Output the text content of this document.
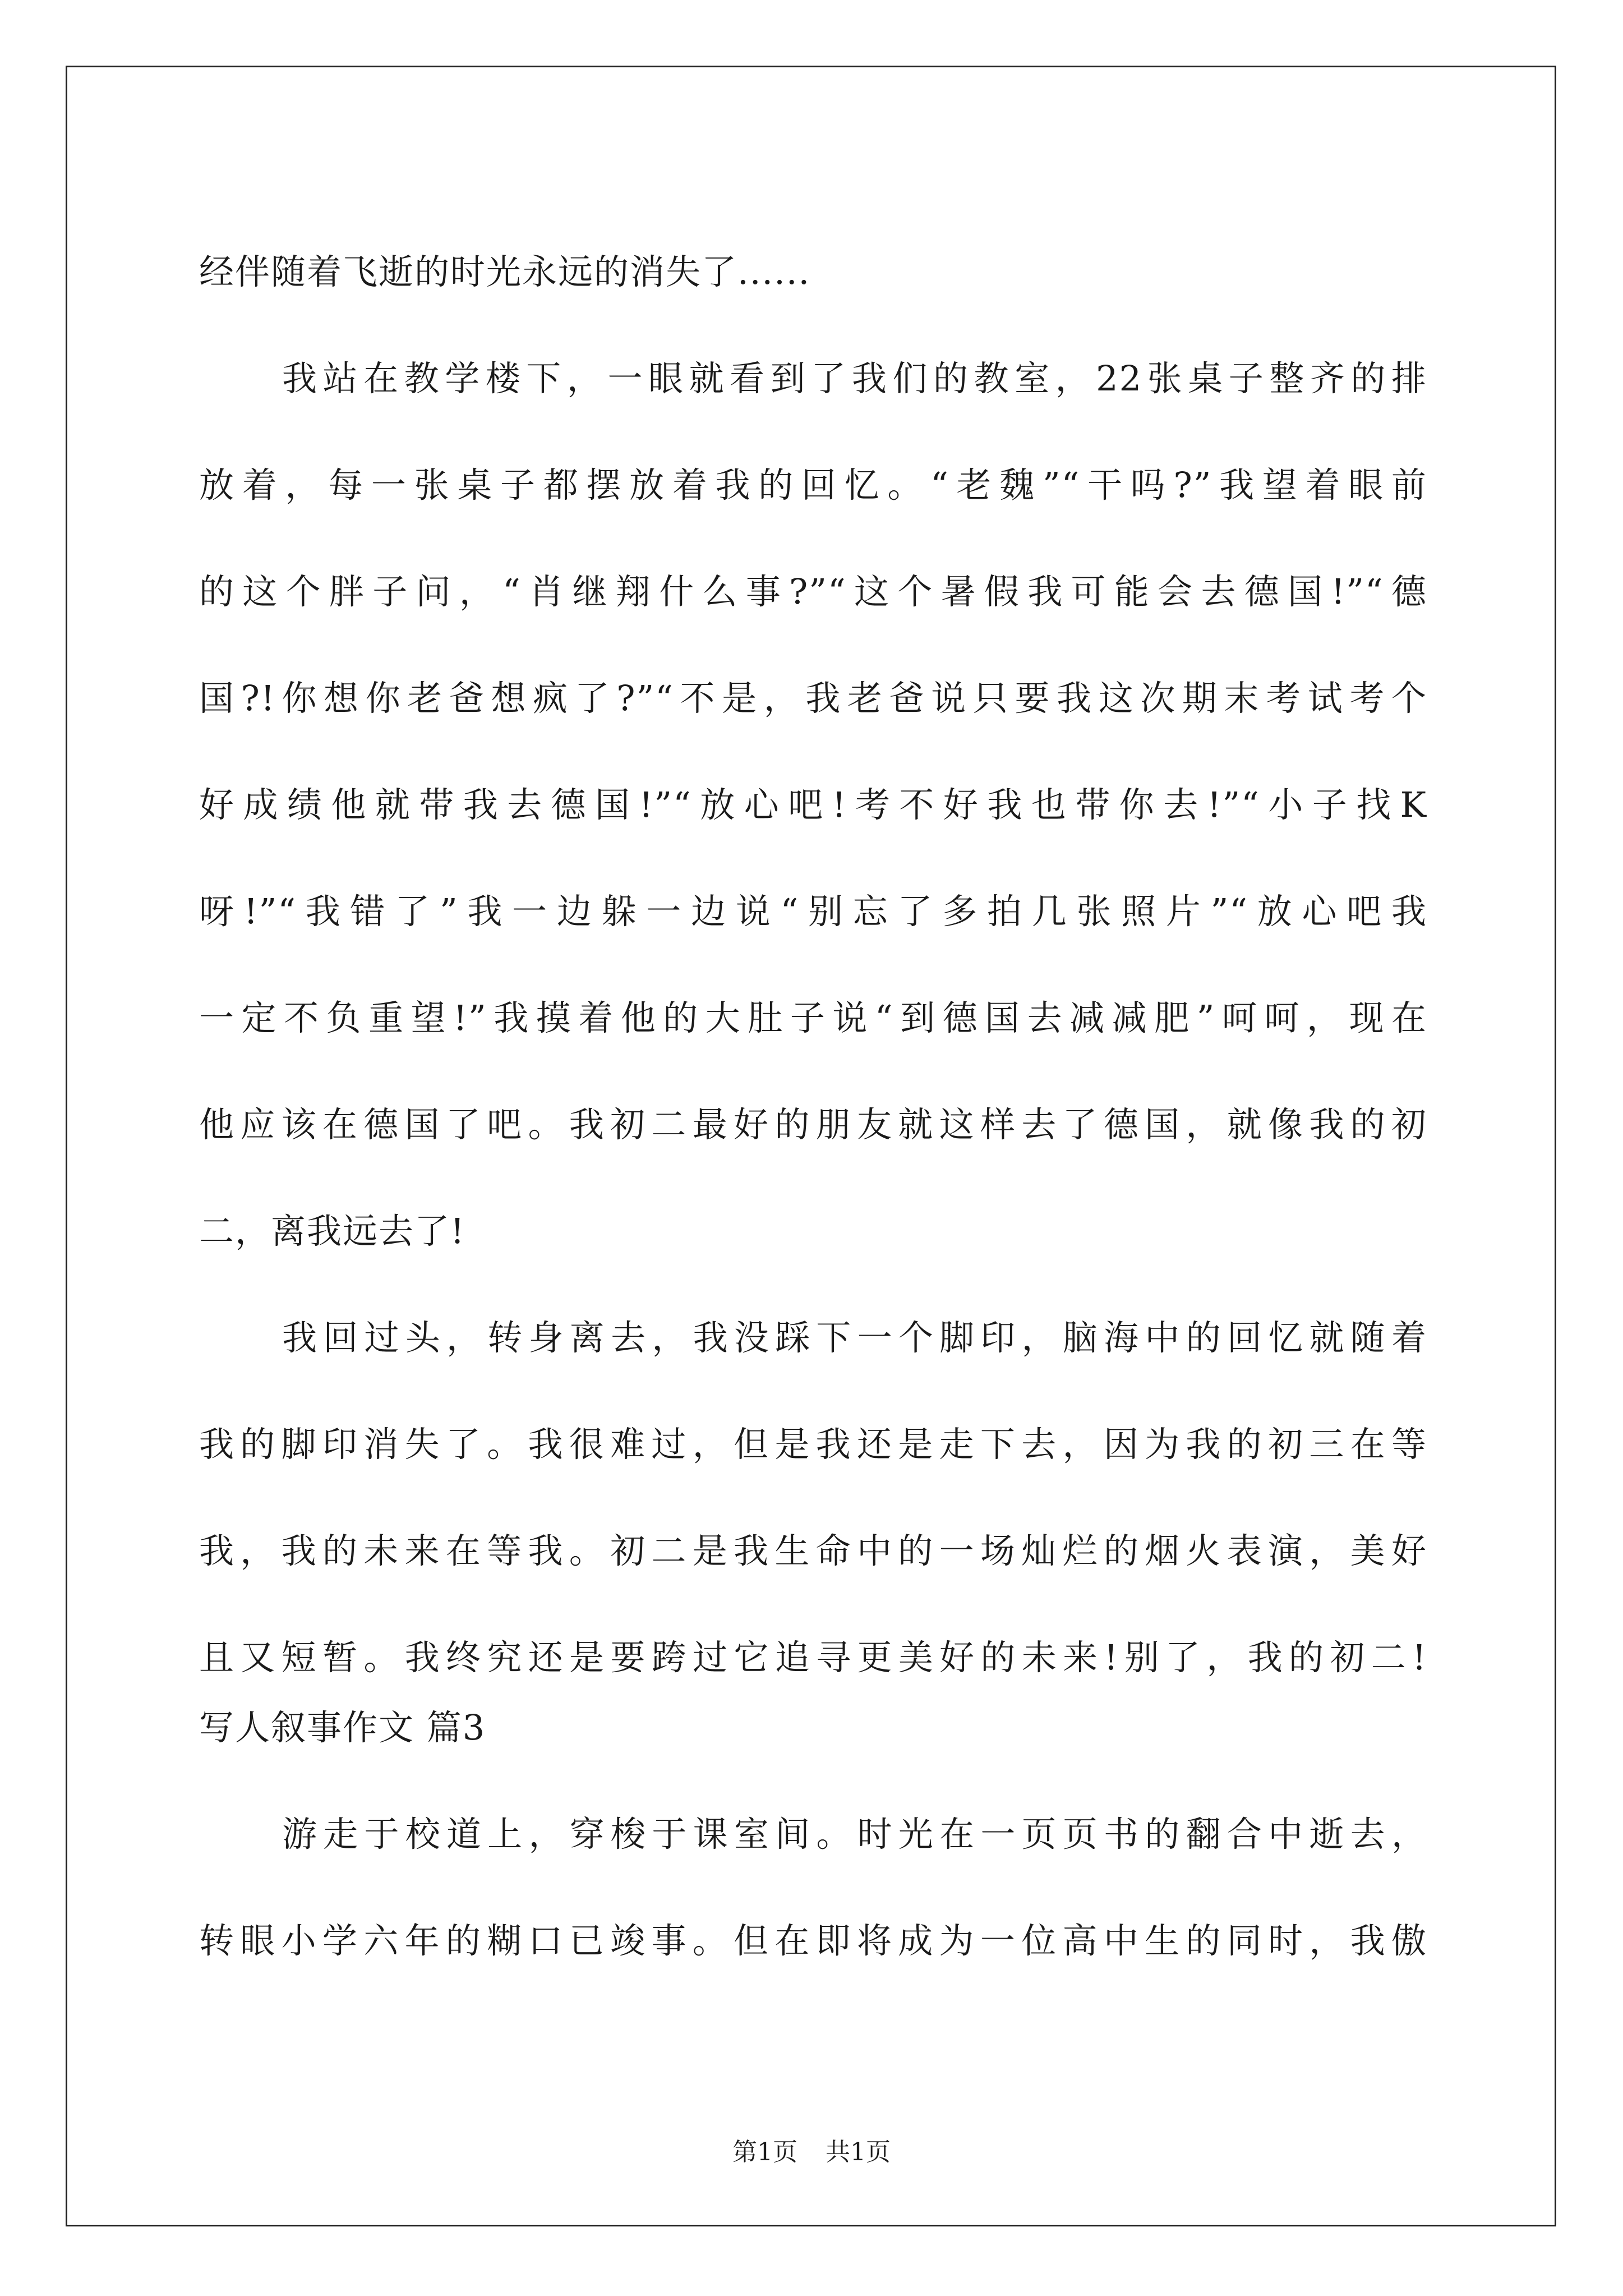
经伴随着飞逝的时光永远的消失了......
我站在教学楼下，一眼就看到了我们的教室，22张桌子整齐的排
放着，每一张桌子都摆放着我的回忆。“老魏”“干吗?”我望着眼前
的这个胖子问，“肖继翔什么事?”“这个暑假我可能会去德国!”“德
国?!你想你老爸想疯了?”“不是，我老爸说只要我这次期末考试考个
好成绩他就带我去德国!”“放心吧!考不好我也带你去!”“小子找K
呀!”“我错了”我一边躲一边说“别忘了多拍几张照片”“放心吧我
一定不负重望!”我摸着他的大肚子说“到德国去减减肥”呵呵，现在
他应该在德国了吧。我初二最好的朋友就这样去了德国，就像我的初
二，离我远去了!
我回过头，转身离去，我没踩下一个脚印，脑海中的回忆就随着
我的脚印消失了。我很难过，但是我还是走下去，因为我的初三在等
我，我的未来在等我。初二是我生命中的一场灿烂的烟火表演，美好
且又短暂。我终究还是要跨过它追寻更美好的未来!别了，我的初二!
写人叙事作文 篇3
游走于校道上，穿梭于课室间。时光在一页页书的翻合中逝去，
转眼小学六年的糊口已竣事。但在即将成为一位高中生的同时，我傲
第1页 共1页
